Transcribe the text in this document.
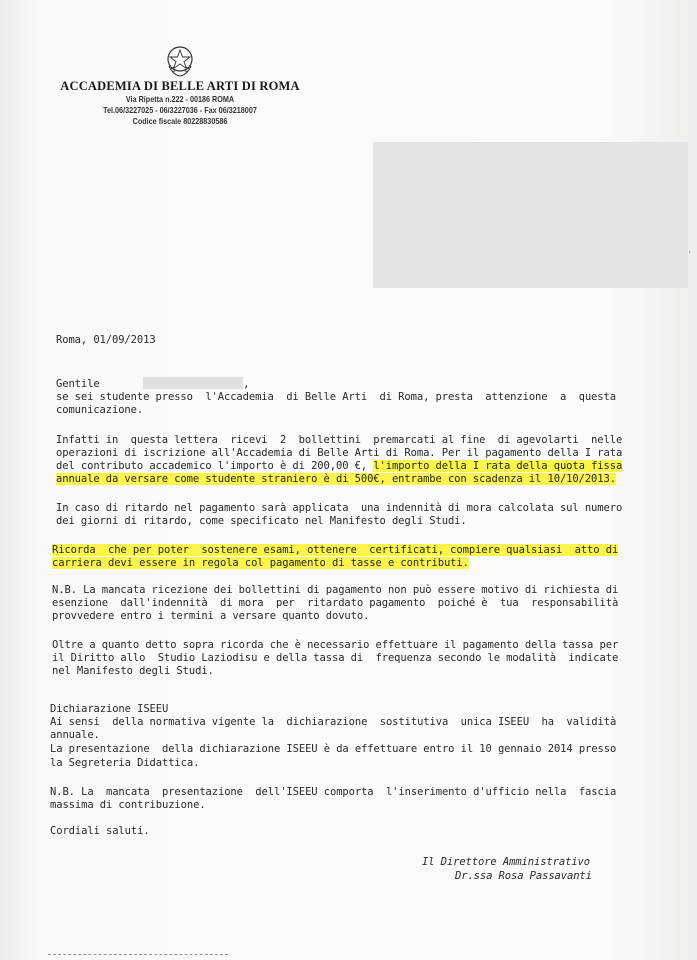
ACCADEMIA DI BELLE ARTI DI ROMA
Via Ripetta n.222 - 00186 ROMA
Tel.06/3227025 - 06/3227036 - Fax 06/3218007
Codice fiscale 80228830586
,
Roma, 01/09/2013
Gentile	,
se sei studente presso  l'Accademia  di Belle Arti  di Roma, presta  attenzione  a  questa
comunicazione.
Infatti in  questa lettera  ricevi  2  bollettini  premarcati al fine  di agevolarti  nelle
operazioni di iscrizione all'Accademia di Belle Arti di Roma. Per il pagamento della I rata
del contributo accademico l'importo è di 200,00 €, l'importo della I rata della quota fissa
annuale da versare come studente straniero è di 500€, entrambe con scadenza il 10/10/2013.
In caso di ritardo nel pagamento sarà applicata  una indennità di mora calcolata sul numero
dei giorni di ritardo, come specificato nel Manifesto degli Studi.
Ricorda  che per poter  sostenere esami, ottenere  certificati, compiere qualsiasi  atto di
carriera devi essere in regola col pagamento di tasse e contributi.
N.B. La mancata ricezione dei bollettini di pagamento non può essere motivo di richiesta di
esenzione  dall'indennità  di mora  per  ritardato pagamento  poiché è  tua  responsabilità
provvedere entro i termini a versare quanto dovuto.
Oltre a quanto detto sopra ricorda che è necessario effettuare il pagamento della tassa per
il Diritto allo  Studio Laziodisu e della tassa di  frequenza secondo le modalità  indicate
nel Manifesto degli Studi.
Dichiarazione ISEEU
Ai sensi  della normativa vigente la  dichiarazione  sostitutiva  unica ISEEU  ha  validità
annuale.
La presentazione  della dichiarazione ISEEU è da effettuare entro il 10 gennaio 2014 presso
la Segreteria Didattica.
N.B. La  mancata  presentazione  dell'ISEEU comporta  l'inserimento d'ufficio nella  fascia
massima di contribuzione.
Cordiali saluti.
Il Direttore Amministrativo
Dr.ssa Rosa Passavanti
